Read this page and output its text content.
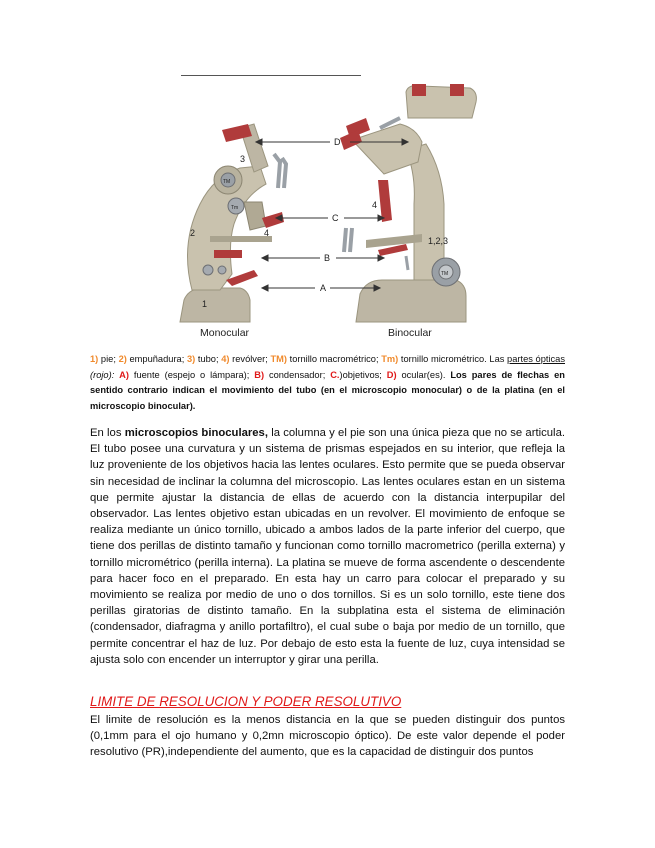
D
C
B
A
1
2
3
4
4
1,2,3
TM
Tm
TM
Monocular	Binocular
1) pie; 2) empuñadura; 3) tubo; 4) revólver; TM) tornillo macrométrico; Tm) tornillo micrométrico. Las partes ópticas (rojo): A) fuente (espejo o lámpara); B) condensador; C.)objetivos; D) ocular(es). Los pares de flechas en sentido contrario indican el movimiento del tubo (en el microscopio monocular) o de la platina (en el microscopio binocular).
En los microscopios binoculares, la columna y el pie son una única pieza que no se articula. El tubo posee una curvatura y un sistema de prismas espejados en su interior, que refleja la luz proveniente de los objetivos hacia las lentes oculares. Esto permite que se pueda observar sin necesidad de inclinar la columna del microscopio. Las lentes oculares estan en un sistema que permite ajustar la distancia de ellas de acuerdo con la distancia interpupilar del observador. Las lentes objetivo estan ubicadas en un revolver. El movimiento de enfoque se realiza mediante un único tornillo, ubicado a ambos lados de la parte inferior del cuerpo, que tiene dos perillas de distinto tamaño y funcionan como tornillo macrometrico (perilla externa) y tornillo micrométrico (perilla interna). La platina se mueve de forma ascendente o descendente para hacer foco en el preparado. En esta hay un carro para colocar el preparado y su movimiento se realiza por medio de uno o dos tornillos. Si es un solo tornillo, este tiene dos perillas giratorias de distinto tamaño. En la subplatina esta el sistema de eliminación (condensador, diafragma y anillo portafiltro), el cual sube o baja por medio de un tornillo, que permite concentrar el haz de luz. Por debajo de esto esta la fuente de luz, cuya intensidad se ajusta solo con encender un interruptor y girar una perilla.
LIMITE DE RESOLUCION Y PODER RESOLUTIVO
El limite de resolución es la menos distancia en la que se pueden distinguir dos puntos (0,1mm para el ojo humano y 0,2mn microscopio óptico). De este valor depende el poder resolutivo (PR),independiente del aumento, que es la capacidad de distinguir dos puntos
